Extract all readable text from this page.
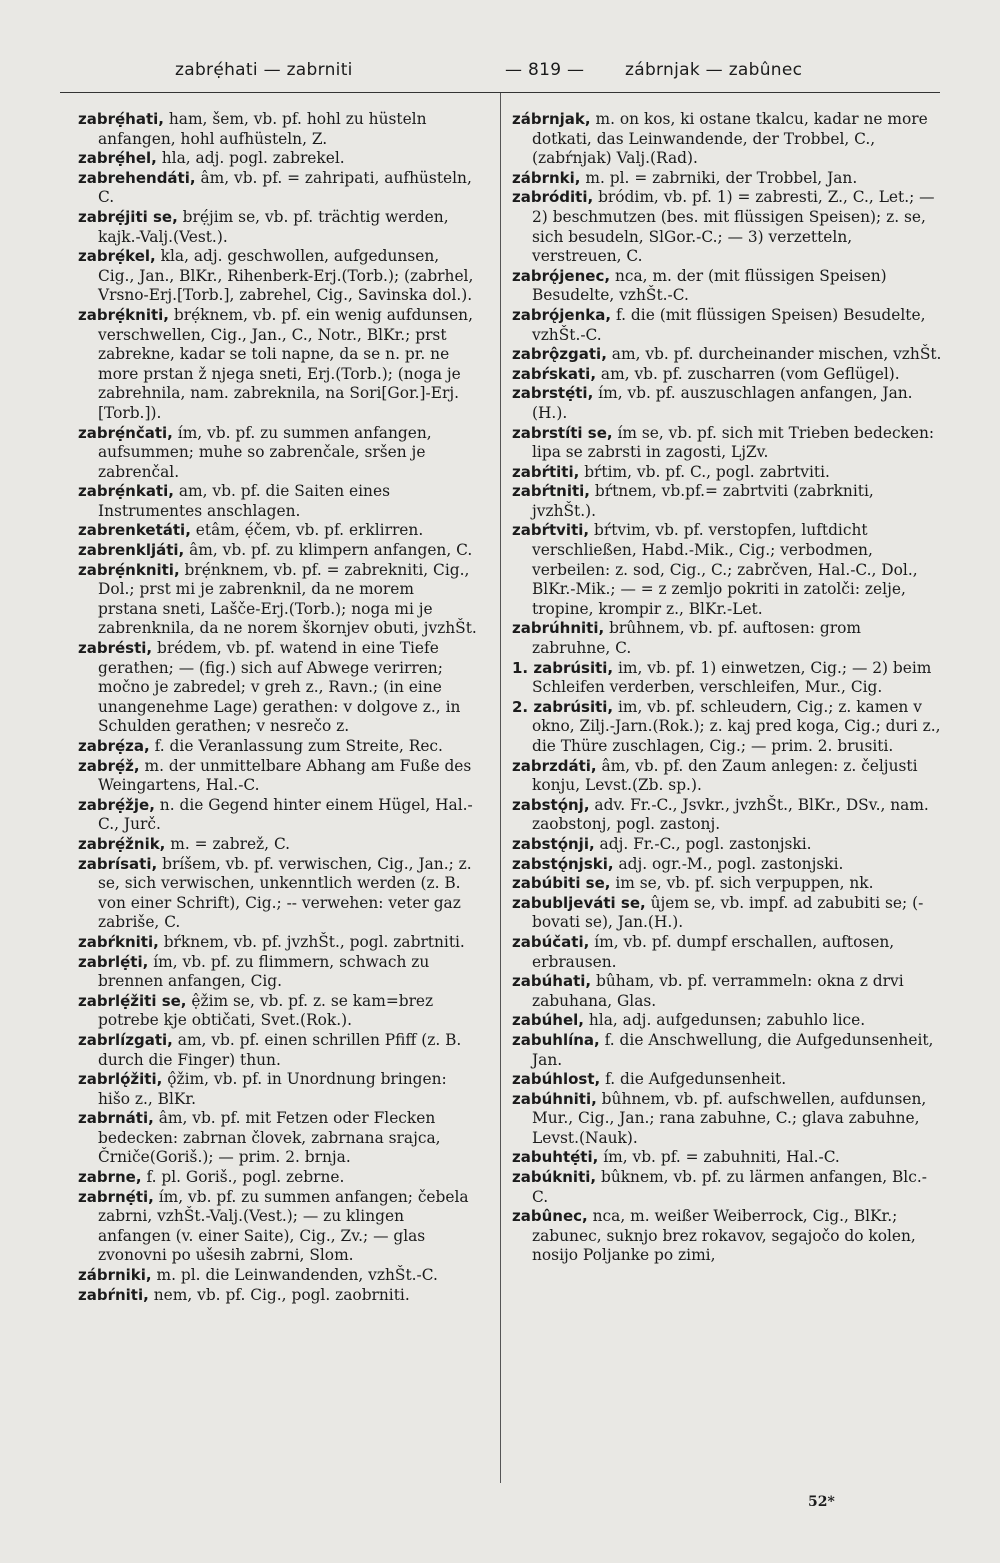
zabrẹ́hati — zabrniti	— 819 — zábrnjak — zabûnec
zabrẹ́hati, ham, šem, vb. pf. hohl zu hüsteln anfangen, hohl aufhüsteln, Z.
zabrẹ́hel, hla, adj. pogl. zabrekel.
zabrehendáti, âm, vb. pf. = zahripati, aufhüsteln, C.
zabrẹ́jiti se, brẹ́jim se, vb. pf. trächtig werden, kajk.-Valj.(Vest.).
zabrẹ́kel, kla, adj. geschwollen, aufgedunsen, Cig., Jan., BlKr., Rihenberk-Erj.(Torb.); (zabrhel, Vrsno-Erj.[Torb.], zabrehel, Cig., Savinska dol.).
zabrẹ́kniti, brẹ́knem, vb. pf. ein wenig aufdunsen, verschwellen, Cig., Jan., C., Notr., BlKr.; prst zabrekne, kadar se toli napne, da se n. pr. ne more prstan ž njega sneti, Erj.(Torb.); (noga je zabrehnila, nam. zabreknila, na Sori[Gor.]-Erj.[Torb.]).
zabrẹ́nčati, ím, vb. pf. zu summen anfangen, aufsummen; muhe so zabrenčale, sršen je zabrenčal.
zabrẹ́nkati, am, vb. pf. die Saiten eines Instrumentes anschlagen.
zabrenketáti, etâm, ẹ́čem, vb. pf. erklirren.
zabrenkljáti, âm, vb. pf. zu klimpern anfangen, C.
zabrẹ́nkniti, brẹ́nknem, vb. pf. = zabrekniti, Cig., Dol.; prst mi je zabrenknil, da ne morem prstana sneti, Lašče-Erj.(Torb.); noga mi je zabrenknila, da ne norem škornjev obuti, jvzhŠt.
zabrésti, brédem, vb. pf. watend in eine Tiefe gerathen; — (fig.) sich auf Abwege verirren; močno je zabredel; v greh z., Ravn.; (in eine unangenehme Lage) gerathen: v dolgove z., in Schulden gerathen; v nesrečo z.
zabrẹ́za, f. die Veranlassung zum Streite, Rec.
zabrẹ́ž, m. der unmittelbare Abhang am Fuße des Weingartens, Hal.-C.
zabrẹ́žje, n. die Gegend hinter einem Hügel, Hal.-C., Jurč.
zabrẹ́žnik, m. = zabrež, C.
zabrísati, bríšem, vb. pf. verwischen, Cig., Jan.; z. se, sich verwischen, unkenntlich werden (z. B. von einer Schrift), Cig.; -- verwehen: veter gaz zabriše, C.
zabŕkniti, bŕknem, vb. pf. jvzhŠt., pogl. zabrtniti.
zabrlẹ́ti, ím, vb. pf. zu flimmern, schwach zu brennen anfangen, Cig.
zabrlẹ́žiti se, ệžim se, vb. pf. z. se kam=brez potrebe kje obtičati, Svet.(Rok.).
zabrlízgati, am, vb. pf. einen schrillen Pfiff (z. B. durch die Finger) thun.
zabrlǫ́žiti, ǫ̂žim, vb. pf. in Unordnung bringen: hišo z., BlKr.
zabrnáti, âm, vb. pf. mit Fetzen oder Flecken bedecken: zabrnan človek, zabrnana srajca, Črniče(Goriš.); — prim. 2. brnja.
zabrne, f. pl. Goriš., pogl. zebrne.
zabrnẹ́ti, ím, vb. pf. zu summen anfangen; čebela zabrni, vzhŠt.-Valj.(Vest.); — zu klingen anfangen (v. einer Saite), Cig., Zv.; — glas zvonovni po ušesih zabrni, Slom.
zábrniki, m. pl. die Leinwandenden, vzhŠt.-C.
zabŕniti, nem, vb. pf. Cig., pogl. zaobrniti.
zábrnjak, m. on kos, ki ostane tkalcu, kadar ne more dotkati, das Leinwandende, der Trobbel, C., (zabŕnjak) Valj.(Rad).
zábrnki, m. pl. = zabrniki, der Trobbel, Jan.
zabróditi, bródim, vb. pf. 1) = zabresti, Z., C., Let.; — 2) beschmutzen (bes. mit flüssigen Speisen); z. se, sich besudeln, SlGor.-C.; — 3) verzetteln, verstreuen, C.
zabrǫ́jenec, nca, m. der (mit flüssigen Speisen) Besudelte, vzhŠt.-C.
zabrǫ́jenka, f. die (mit flüssigen Speisen) Besudelte, vzhŠt.-C.
zabrǫ̂zgati, am, vb. pf. durcheinander mischen, vzhŠt.
zabŕskati, am, vb. pf. zuscharren (vom Geflügel).
zabrstẹ́ti, ím, vb. pf. auszuschlagen anfangen, Jan.(H.).
zabrstíti se, ím se, vb. pf. sich mit Trieben bedecken: lipa se zabrsti in zagosti, LjZv.
zabŕtiti, bŕtim, vb. pf. C., pogl. zabrtviti.
zabŕtniti, bŕtnem, vb.pf.= zabrtviti (zabrkniti, jvzhŠt.).
zabŕtviti, bŕtvim, vb. pf. verstopfen, luftdicht verschließen, Habd.-Mik., Cig.; verbodmen, verbeilen: z. sod, Cig., C.; zabrčven, Hal.-C., Dol., BlKr.-Mik.; — = z zemljo pokriti in zatolči: zelje, tropine, krompir z., BlKr.-Let.
zabrúhniti, brûhnem, vb. pf. auftosen: grom zabruhne, C.
1. zabrúsiti, im, vb. pf. 1) einwetzen, Cig.; — 2) beim Schleifen verderben, verschleifen, Mur., Cig.
2. zabrúsiti, im, vb. pf. schleudern, Cig.; z. kamen v okno, Zilj.-Jarn.(Rok.); z. kaj pred koga, Cig.; duri z., die Thüre zuschlagen, Cig.; — prim. 2. brusiti.
zabrzdáti, âm, vb. pf. den Zaum anlegen: z. čeljusti konju, Levst.(Zb. sp.).
zabstǫ́nj, adv. Fr.-C., Jsvkr., jvzhŠt., BlKr., DSv., nam. zaobstonj, pogl. zastonj.
zabstǫ́nji, adj. Fr.-C., pogl. zastonjski.
zabstǫ́njski, adj. ogr.-M., pogl. zastonjski.
zabúbiti se, im se, vb. pf. sich verpuppen, nk.
zabubljeváti se, ûjem se, vb. impf. ad zabubiti se; (-bovati se), Jan.(H.).
zabúčati, ím, vb. pf. dumpf erschallen, auftosen, erbrausen.
zabúhati, bûham, vb. pf. verrammeln: okna z drvi zabuhana, Glas.
zabúhel, hla, adj. aufgedunsen; zabuhlo lice.
zabuhlína, f. die Anschwellung, die Aufgedunsenheit, Jan.
zabúhlost, f. die Aufgedunsenheit.
zabúhniti, bûhnem, vb. pf. aufschwellen, aufdunsen, Mur., Cig., Jan.; rana zabuhne, C.; glava zabuhne, Levst.(Nauk).
zabuhtẹ́ti, ím, vb. pf. = zabuhniti, Hal.-C.
zabúkniti, bûknem, vb. pf. zu lärmen anfangen, Blc.-C.
zabûnec, nca, m. weißer Weiberrock, Cig., BlKr.; zabunec, suknjo brez rokavov, segajočo do kolen, nosijo Poljanke po zimi,
52*
